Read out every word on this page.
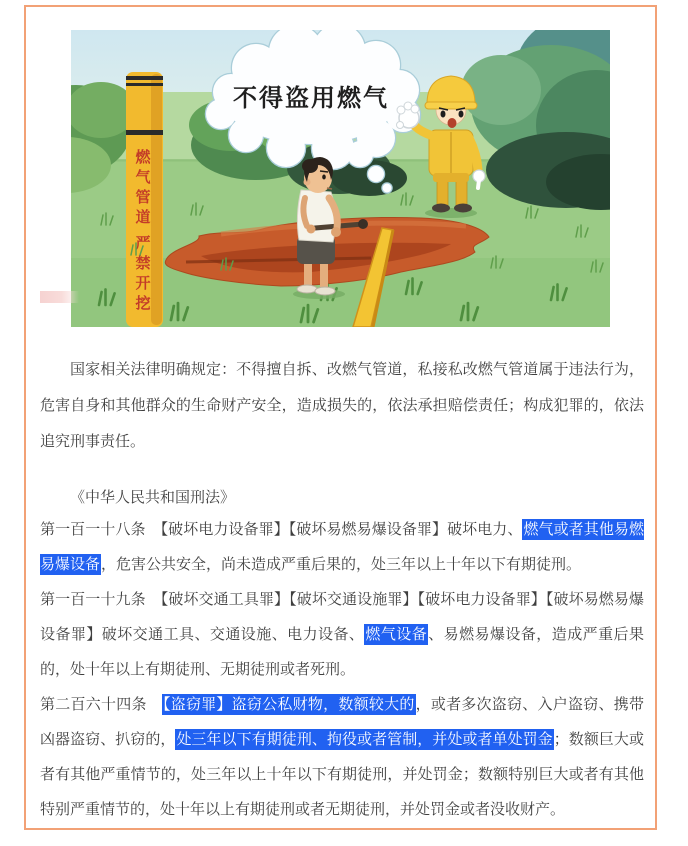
燃
气
管
道
严
禁
开
挖
不得盗用燃气

国家相关法律明确规定：不得擅自拆、改燃气管道，私接私改燃气管道属于违法行为，危害自身和其他群众的生命财产安全，造成损失的，依法承担赔偿责任；构成犯罪的，依法追究刑事责任。

《中华人民共和国刑法》

第一百一十八条　【破坏电力设备罪】【破坏易燃易爆设备罪】破坏电力、燃气或者其他易燃易爆设备，危害公共安全，尚未造成严重后果的，处三年以上十年以下有期徒刑。

第一百一十九条　【破坏交通工具罪】【破坏交通设施罪】【破坏电力设备罪】【破坏易燃易爆设备罪】破坏交通工具、交通设施、电力设备、燃气设备、易燃易爆设备，造成严重后果的，处十年以上有期徒刑、无期徒刑或者死刑。

第二百六十四条　【盗窃罪】盗窃公私财物，数额较大的，或者多次盗窃、入户盗窃、携带凶器盗窃、扒窃的，处三年以下有期徒刑、拘役或者管制，并处或者单处罚金；数额巨大或者有其他严重情节的，处三年以上十年以下有期徒刑，并处罚金；数额特别巨大或者有其他特别严重情节的，处十年以上有期徒刑或者无期徒刑，并处罚金或者没收财产。
